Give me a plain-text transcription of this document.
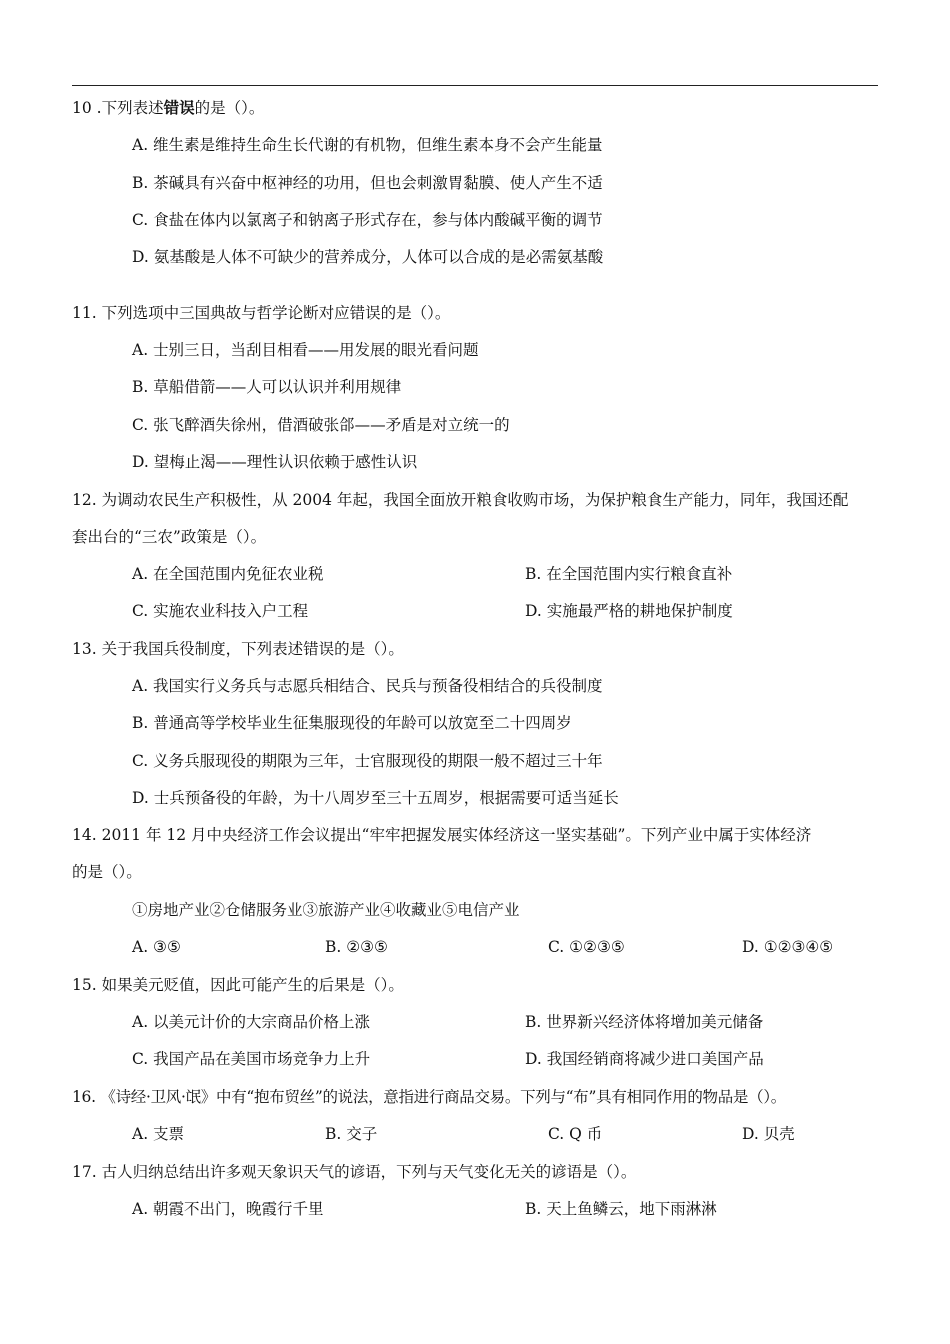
10 .下列表述错误的是（）。
A. 维生素是维持生命生长代谢的有机物，但维生素本身不会产生能量
B. 茶碱具有兴奋中枢神经的功用，但也会刺激胃黏膜、使人产生不适
C. 食盐在体内以氯离子和钠离子形式存在，参与体内酸碱平衡的调节
D. 氨基酸是人体不可缺少的营养成分，人体可以合成的是必需氨基酸
11. 下列选项中三国典故与哲学论断对应错误的是（）。
A. 士别三日，当刮目相看——用发展的眼光看问题
B. 草船借箭——人可以认识并利用规律
C. 张飞醉酒失徐州，借酒破张郃——矛盾是对立统一的
D. 望梅止渴——理性认识依赖于感性认识
12. 为调动农民生产积极性，从 2004 年起，我国全面放开粮食收购市场，为保护粮食生产能力，同年，我国还配
套出台的“三农”政策是（）。
A. 在全国范围内免征农业税	B. 在全国范围内实行粮食直补
C. 实施农业科技入户工程	D. 实施最严格的耕地保护制度
13. 关于我国兵役制度，下列表述错误的是（）。
A. 我国实行义务兵与志愿兵相结合、民兵与预备役相结合的兵役制度
B. 普通高等学校毕业生征集服现役的年龄可以放宽至二十四周岁
C. 义务兵服现役的期限为三年，士官服现役的期限一般不超过三十年
D. 士兵预备役的年龄，为十八周岁至三十五周岁，根据需要可适当延长
14. 2011 年 12 月中央经济工作会议提出“牢牢把握发展实体经济这一坚实基础”。下列产业中属于实体经济
的是（）。
①房地产业②仓储服务业③旅游产业④收藏业⑤电信产业
A. ③⑤	B. ②③⑤	C. ①②③⑤	D. ①②③④⑤
15. 如果美元贬值，因此可能产生的后果是（）。
A. 以美元计价的大宗商品价格上涨	B. 世界新兴经济体将增加美元储备
C. 我国产品在美国市场竞争力上升	D. 我国经销商将减少进口美国产品
16. 《诗经·卫风·氓》中有“抱布贸丝”的说法，意指进行商品交易。下列与“布”具有相同作用的物品是（）。
A. 支票	B. 交子	C. Q 币	D. 贝壳
17. 古人归纳总结出许多观天象识天气的谚语，下列与天气变化无关的谚语是（）。
A. 朝霞不出门，晚霞行千里	B. 天上鱼鳞云，地下雨淋淋
